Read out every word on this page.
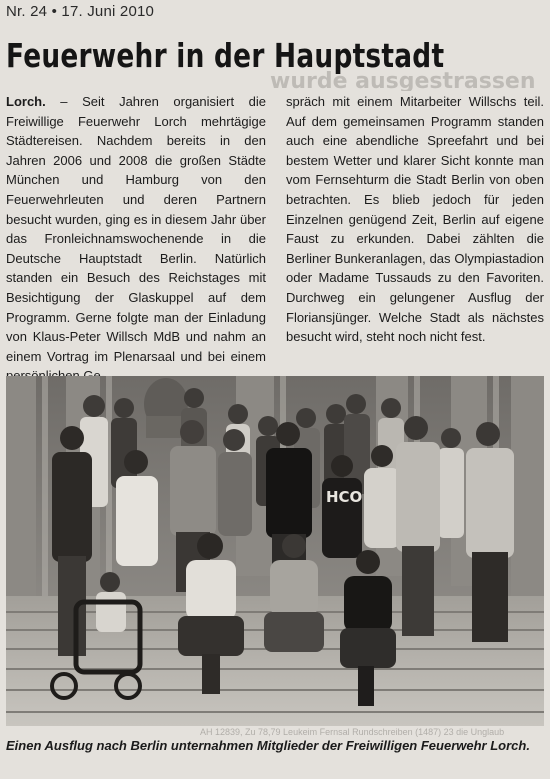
Nr. 24 • 17. Juni 2010
wurde ausgestrassen
Feuerwehr in der Hauptstadt

Lorch. – Seit Jahren organisiert die Freiwillige Feuerwehr Lorch mehrtägige Städtereisen. Nachdem bereits in den Jahren 2006 und 2008 die großen Städte München und Hamburg von den Feuerwehrleuten und deren Partnern besucht wurden, ging es in diesem Jahr über das Fronleichnamswochenende in die Deutsche Hauptstadt Berlin. Natürlich standen ein Besuch des Reichstages mit Besichtigung der Glaskuppel auf dem Programm. Gerne folgte man der Einladung von Klaus-Peter Willsch MdB und nahm an einem Vortrag im Plenarsaal und bei einem

spräch mit einem Mitarbeiter Willschs teil. Auf dem gemeinsamen Programm standen auch eine abendliche Spreefahrt und bei bestem Wetter und klarer Sicht konnte man vom Fernsehturm die Stadt Berlin von oben betrachten. Es blieb jedoch für jeden Einzelnen genügend Zeit, Berlin auf eigene Faust zu erkunden. Dabei zählten die Berliner Bunkeranlagen, das Olympiastadion oder Madame Tussauds zu den Favoriten. Durchweg ein gelungener Ausflug der Floriansjünger. Welche Stadt als nächstes besucht wird, steht noch nicht fest.

HCO
AH 12839, Zu 78,79 Leukeim Fernsal Rundschreiben (1487) 23 die Unglaub
Einen Ausflug nach Berlin unternahmen Mitglieder der Freiwilligen Feuerwehr Lorch.
